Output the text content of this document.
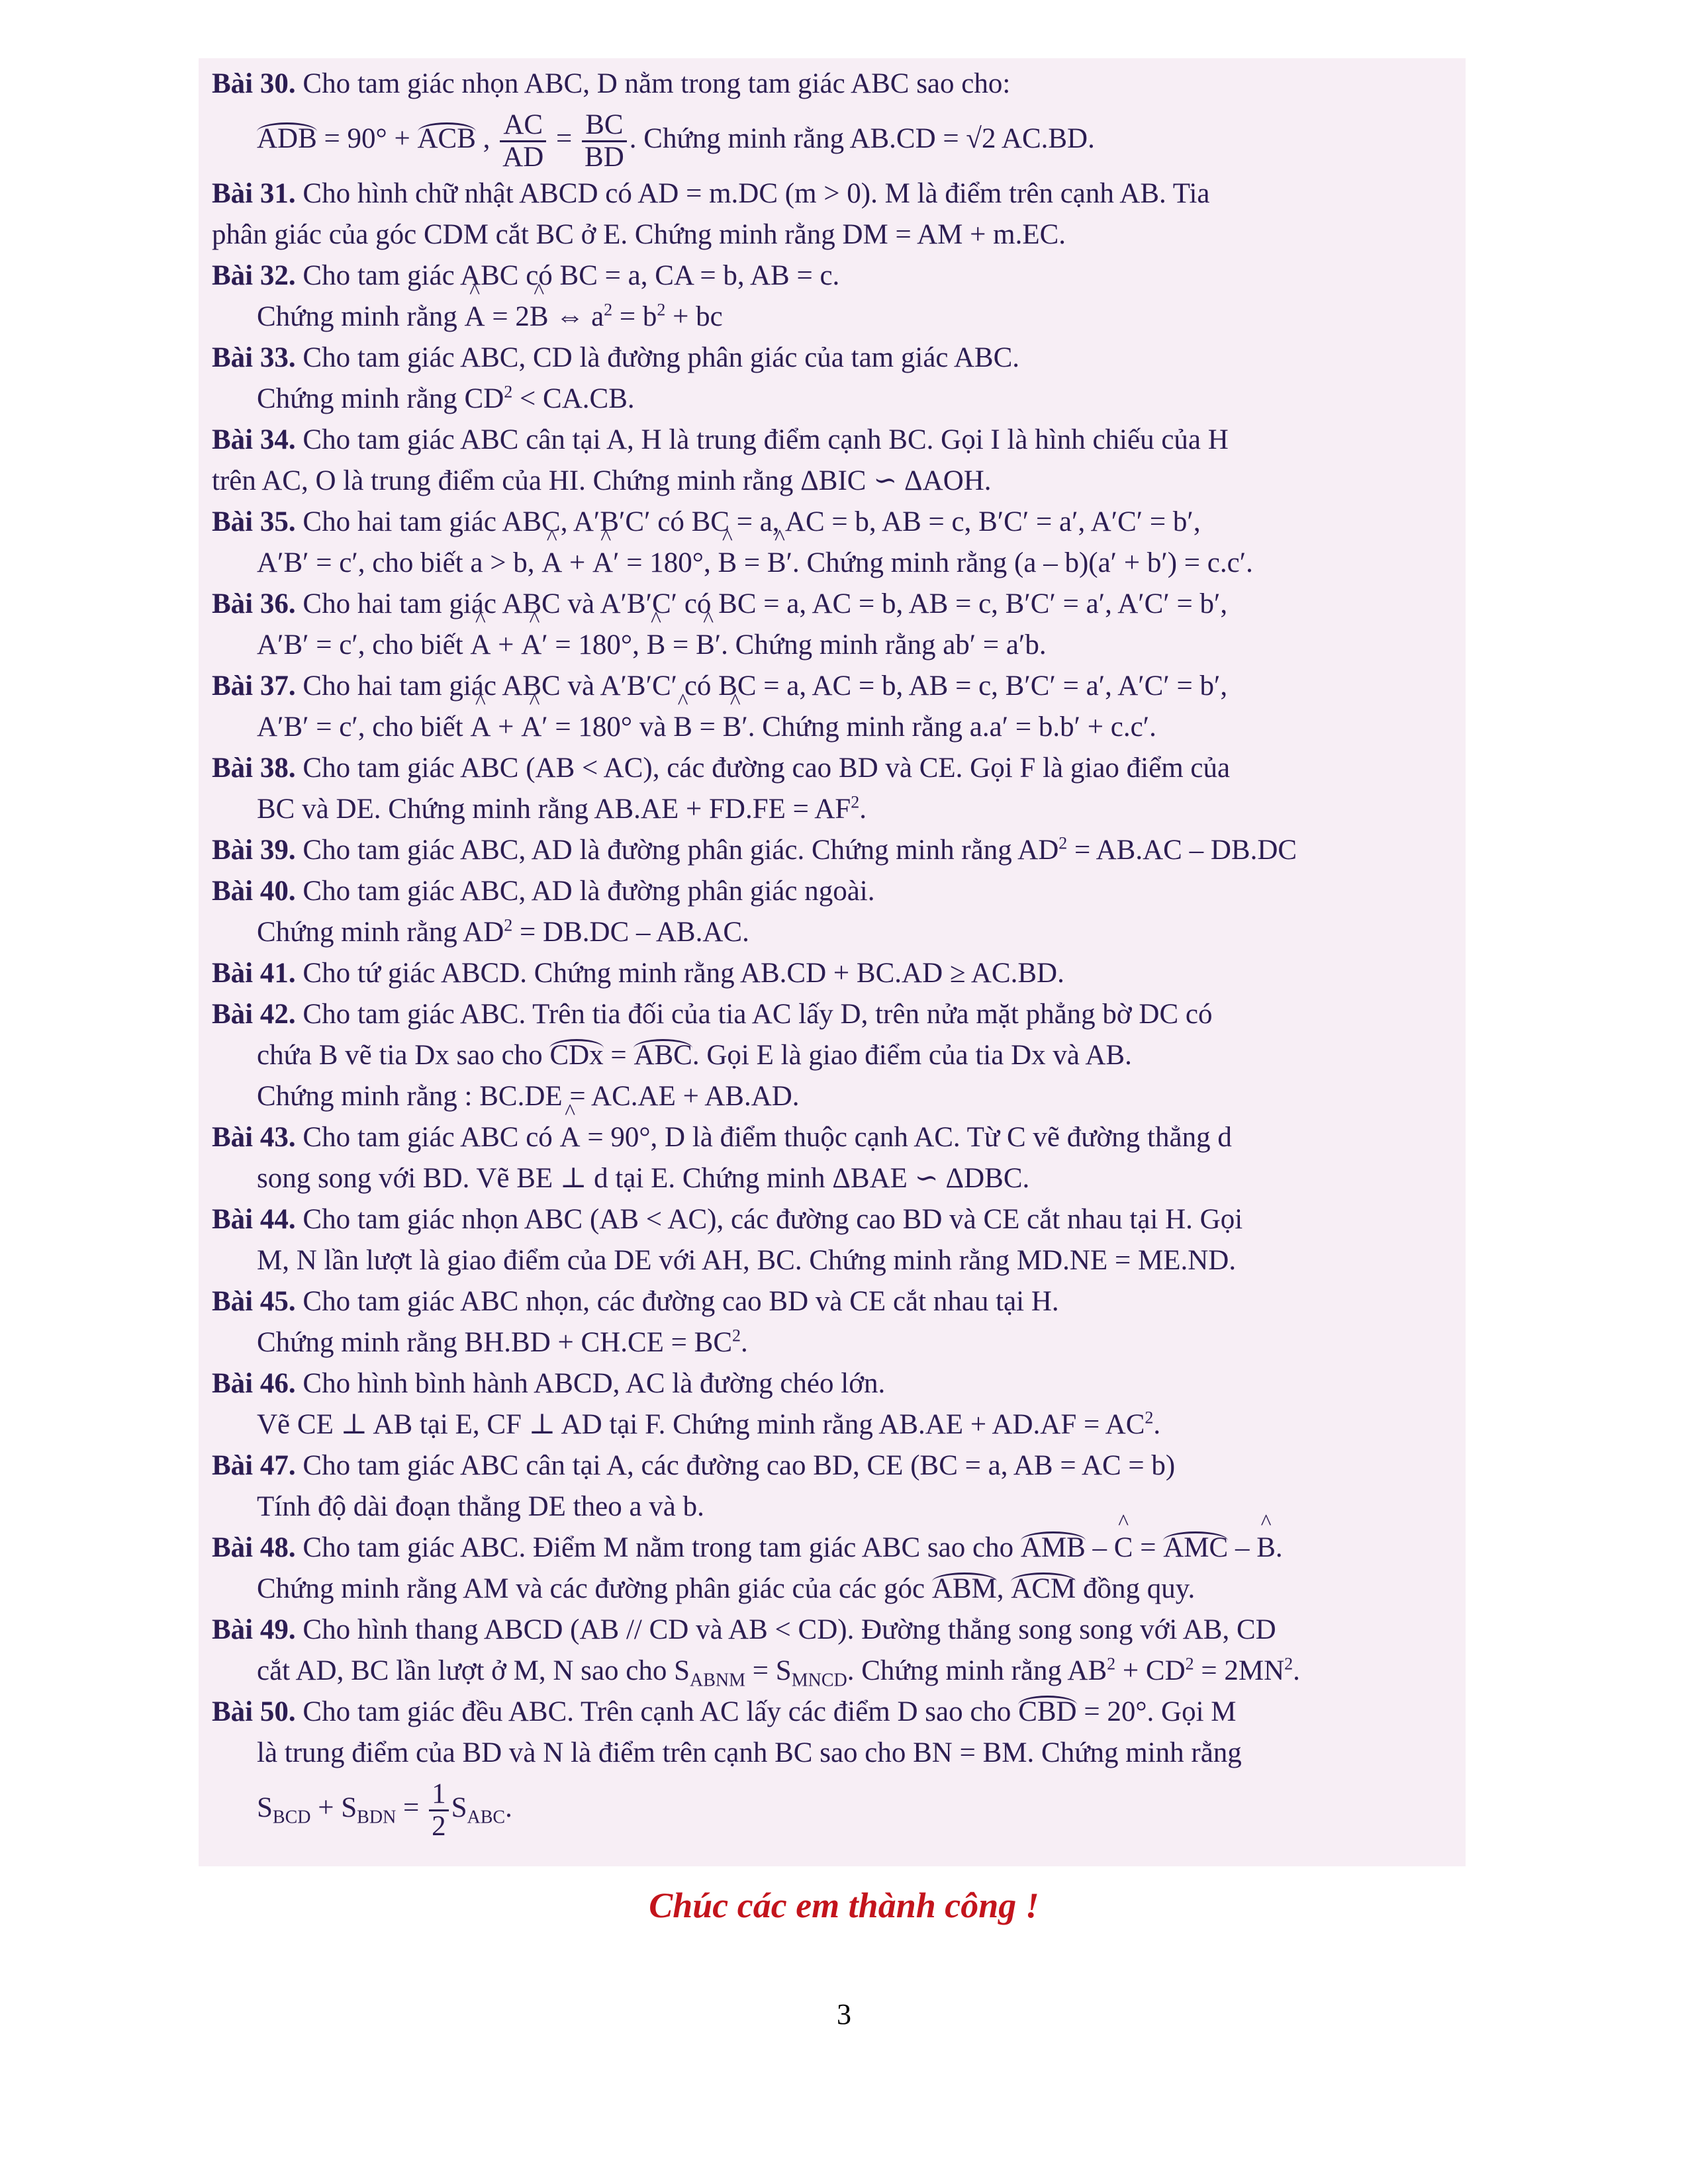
Bài 30. Cho tam giác nhọn ABC, D nằm trong tam giác ABC sao cho:
ADB = 90° + ACB , $\frac{AC}{AD} = \frac{BC}{BD}$ . Chứng minh rằng AB.CD = √2 AC.BD.
Bài 31. Cho hình chữ nhật ABCD có AD = m.DC (m > 0). M là điểm trên cạnh AB. Tia
phân giác của góc CDM cắt BC ở E. Chứng minh rằng DM = AM + m.EC.
Bài 32. Cho tam giác ABC có BC = a, CA = b, AB = c.
Chứng minh rằng ^ A = 2^ B ⇔ $a^2 = b^2$ + bc
Bài 33. Cho tam giác ABC, CD là đường phân giác của tam giác ABC.
Chứng minh rằng $CD^2 < CA.CB$.
Bài 34. Cho tam giác ABC cân tại A, H là trung điểm cạnh BC. Gọi I là hình chiếu của H
trên AC, O là trung điểm của HI. Chứng minh rằng ΔBIC ∽ ΔAOH.
Bài 35. Cho hai tam giác ABC, A′B′C′ có BC = a, AC = b, AB = c, B′C′ = a′, A′C′ = b′,
A′B′ = c′, cho biết a > b, ^ A + ^ A′ = 180°, ^ B = ^ B′. Chứng minh rằng (a – b)(a′ + b′) = c.c′.
Bài 36. Cho hai tam giác ABC và A′B′C′ có BC = a, AC = b, AB = c, B′C′ = a′, A′C′ = b′,
A′B′ = c′, cho biết ^ A + ^ A′ = 180°, ^ B = ^ B′. Chứng minh rằng ab′ = a′b.
Bài 37. Cho hai tam giác ABC và A′B′C′ có BC = a, AC = b, AB = c, B′C′ = a′, A′C′ = b′,
A′B′ = c′, cho biết ^ A + ^ A′ = 180° và ^ B = ^ B′. Chứng minh rằng a.a′ = b.b′ + c.c′.
Bài 38. Cho tam giác ABC (AB < AC), các đường cao BD và CE. Gọi F là giao điểm của
BC và DE. Chứng minh rằng $AB.AE + FD.FE = AF^2$.
Bài 39. Cho tam giác ABC, AD là đường phân giác. Chứng minh rằng $AD^2 = AB.AC - DB.DC$
Bài 40. Cho tam giác ABC, AD là đường phân giác ngoài.
Chứng minh rằng $AD^2 = DB.DC - AB.AC$.
Bài 41. Cho tứ giác ABCD. Chứng minh rằng AB.CD + BC.AD ≥ AC.BD.
Bài 42. Cho tam giác ABC. Trên tia đối của tia AC lấy D, trên nửa mặt phẳng bờ DC có
chứa B vẽ tia Dx sao cho CDx = ABC. Gọi E là giao điểm của tia Dx và AB.
Chứng minh rằng : BC.DE = AC.AE + AB.AD.
Bài 43. Cho tam giác ABC có ^ A = 90°, D là điểm thuộc cạnh AC. Từ C vẽ đường thẳng d
song song với BD. Vẽ BE ⊥ d tại E. Chứng minh ΔBAE ∽ ΔDBC.
Bài 44. Cho tam giác nhọn ABC (AB < AC), các đường cao BD và CE cắt nhau tại H. Gọi
M, N lần lượt là giao điểm của DE với AH, BC. Chứng minh rằng MD.NE = ME.ND.
Bài 45. Cho tam giác ABC nhọn, các đường cao BD và CE cắt nhau tại H.
Chứng minh rằng $BH.BD + CH.CE = BC^2$.
Bài 46. Cho hình bình hành ABCD, AC là đường chéo lớn.
Vẽ CE ⊥ AB tại E, CF ⊥ AD tại F. Chứng minh rằng $AB.AE + AD.AF = AC^2$.
Bài 47. Cho tam giác ABC cân tại A, các đường cao BD, CE (BC = a, AB = AC = b)
Tính độ dài đoạn thẳng DE theo a và b.
Bài 48. Cho tam giác ABC. Điểm M nằm trong tam giác ABC sao cho AMB – ^ C = AMC – ^ B.
Chứng minh rằng AM và các đường phân giác của các góc ABM, ACM đồng quy.
Bài 49. Cho hình thang ABCD (AB // CD và AB < CD). Đường thẳng song song với AB, CD
cắt AD, BC lần lượt ở M, N sao cho $S_{ABNM} = S_{MNCD}$. Chứng minh rằng $AB^2 + CD^2 = 2MN^2$.
Bài 50. Cho tam giác đều ABC. Trên cạnh AC lấy các điểm D sao cho CBD = 20°. Gọi M
là trung điểm của BD và N là điểm trên cạnh BC sao cho BN = BM. Chứng minh rằng
$S_{BCD} + S_{BDN} = \frac{1}{2} S_{ABC}$.
Chúc các em thành công !
3
